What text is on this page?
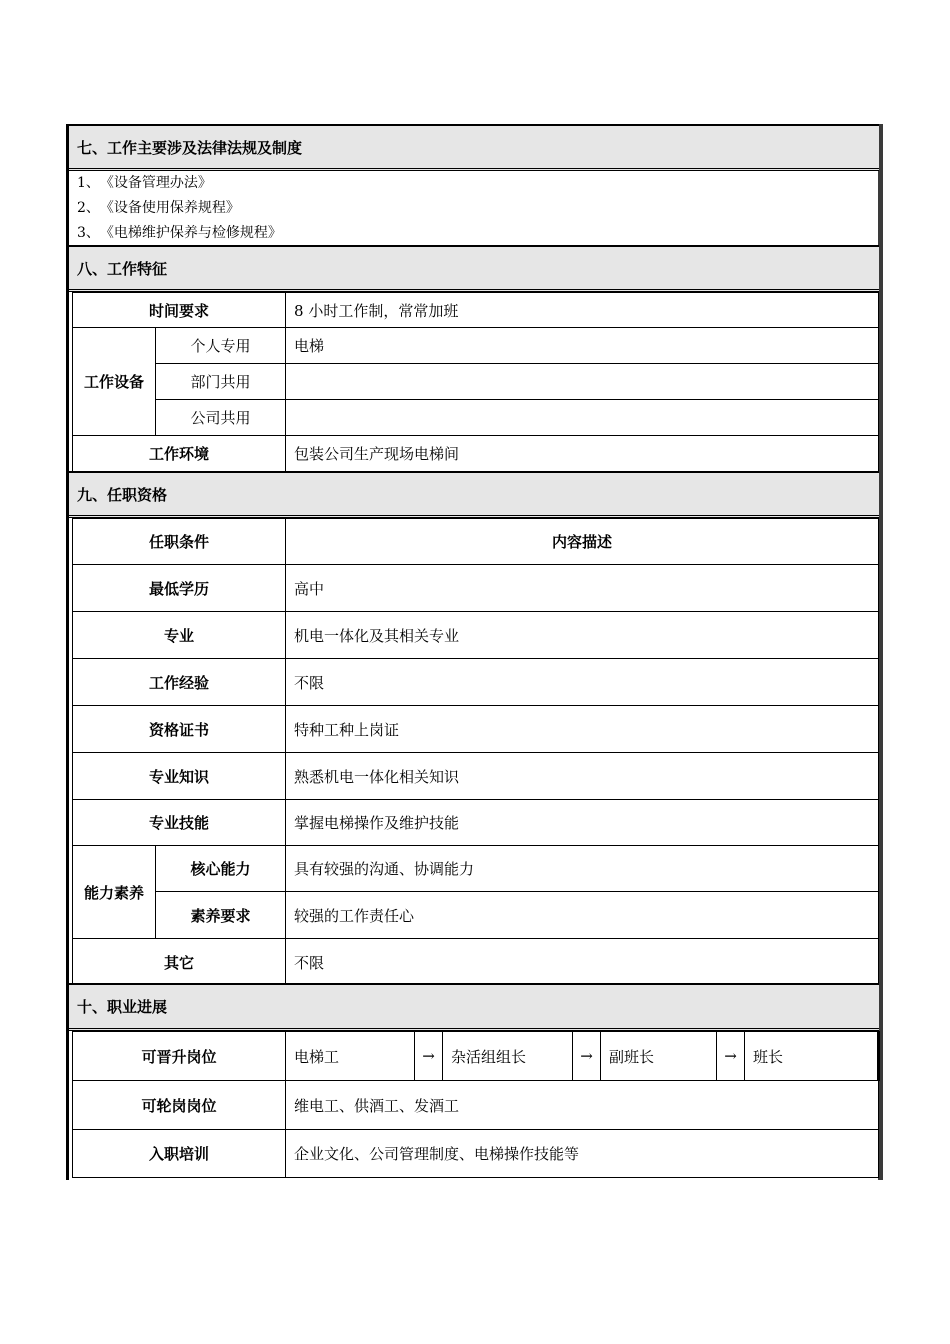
七、工作主要涉及法律法规及制度
1、　《设备管理办法》
2、　《设备使用保养规程》
3、　《电梯维护保养与检修规程》
八、工作特征
时间要求		8 小时工作制，常常加班
工作设备	个人专用	电梯
	部门共用	
	公司共用	
工作环境		包装公司生产现场电梯间
九、任职资格
任职条件		内容描述
最低学历		高中
专业		机电一体化及其相关专业
工作经验		不限
资格证书		特种工种上岗证
专业知识		熟悉机电一体化相关知识
专业技能		掌握电梯操作及维护技能
能力素养	核心能力	具有较强的沟通、协调能力
	素养要求	较强的工作责任心
其它		不限
十、职业进展
可晋升岗位	电梯工	→	杂活组组长	→	副班长	→	班长
可轮岗岗位	维电工、供酒工、发酒工						
入职培训	企业文化、公司管理制度、电梯操作技能等						
